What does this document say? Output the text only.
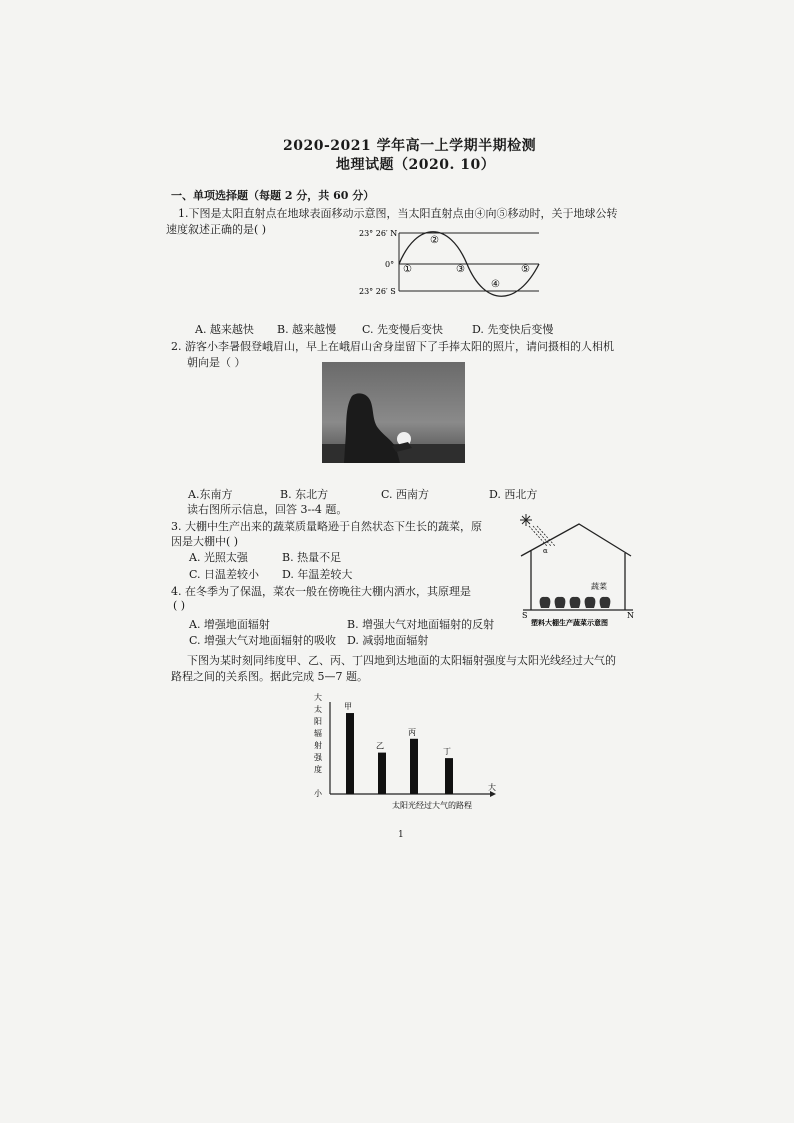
2020-2021 学年高一上学期半期检测
地理试题（2020. 10）
一、单项选择题（每题 2 分，共 60 分）
1.下图是太阳直射点在地球表面移动示意图，当太阳直射点由④向⑤移动时，关于地球公转
速度叙述正确的是( )	23° 26′ N
0°
23° 26′ S
①
②
③
④
⑤
A. 越来越快 B. 越来越慢 C. 先变慢后变快	D. 先变快后变慢
2. 游客小李暑假登峨眉山，早上在峨眉山舍身崖留下了手捧太阳的照片，请问摄相的人相机
朝向是（ ）
A.东南方	B. 东北方	C. 西南方	D. 西北方
读右图所示信息，回答 3--4 题。
3. 大棚中生产出来的蔬菜质量略逊于自然状态下生长的蔬菜，原
因是大棚中( )
A. 光照太强	B. 热量不足
C. 日温差较小 D. 年温差较大
α
蔬菜
S	N
塑料大棚生产蔬菜示意图
4. 在冬季为了保温，菜农一般在傍晚往大棚内洒水，其原理是
( )
A. 增强地面辐射	B. 增强大气对地面辐射的反射
C. 增强大气对地面辐射的吸收 D. 减弱地面辐射
下图为某时刻同纬度甲、乙、丙、丁四地到达地面的太阳辐射强度与太阳光线经过大气的
路程之间的关系图。据此完成 5—7 题。
大
太
阳
辐
射
强
度
小
甲
乙
丙
丁
大
太阳光经过大气的路程
1
